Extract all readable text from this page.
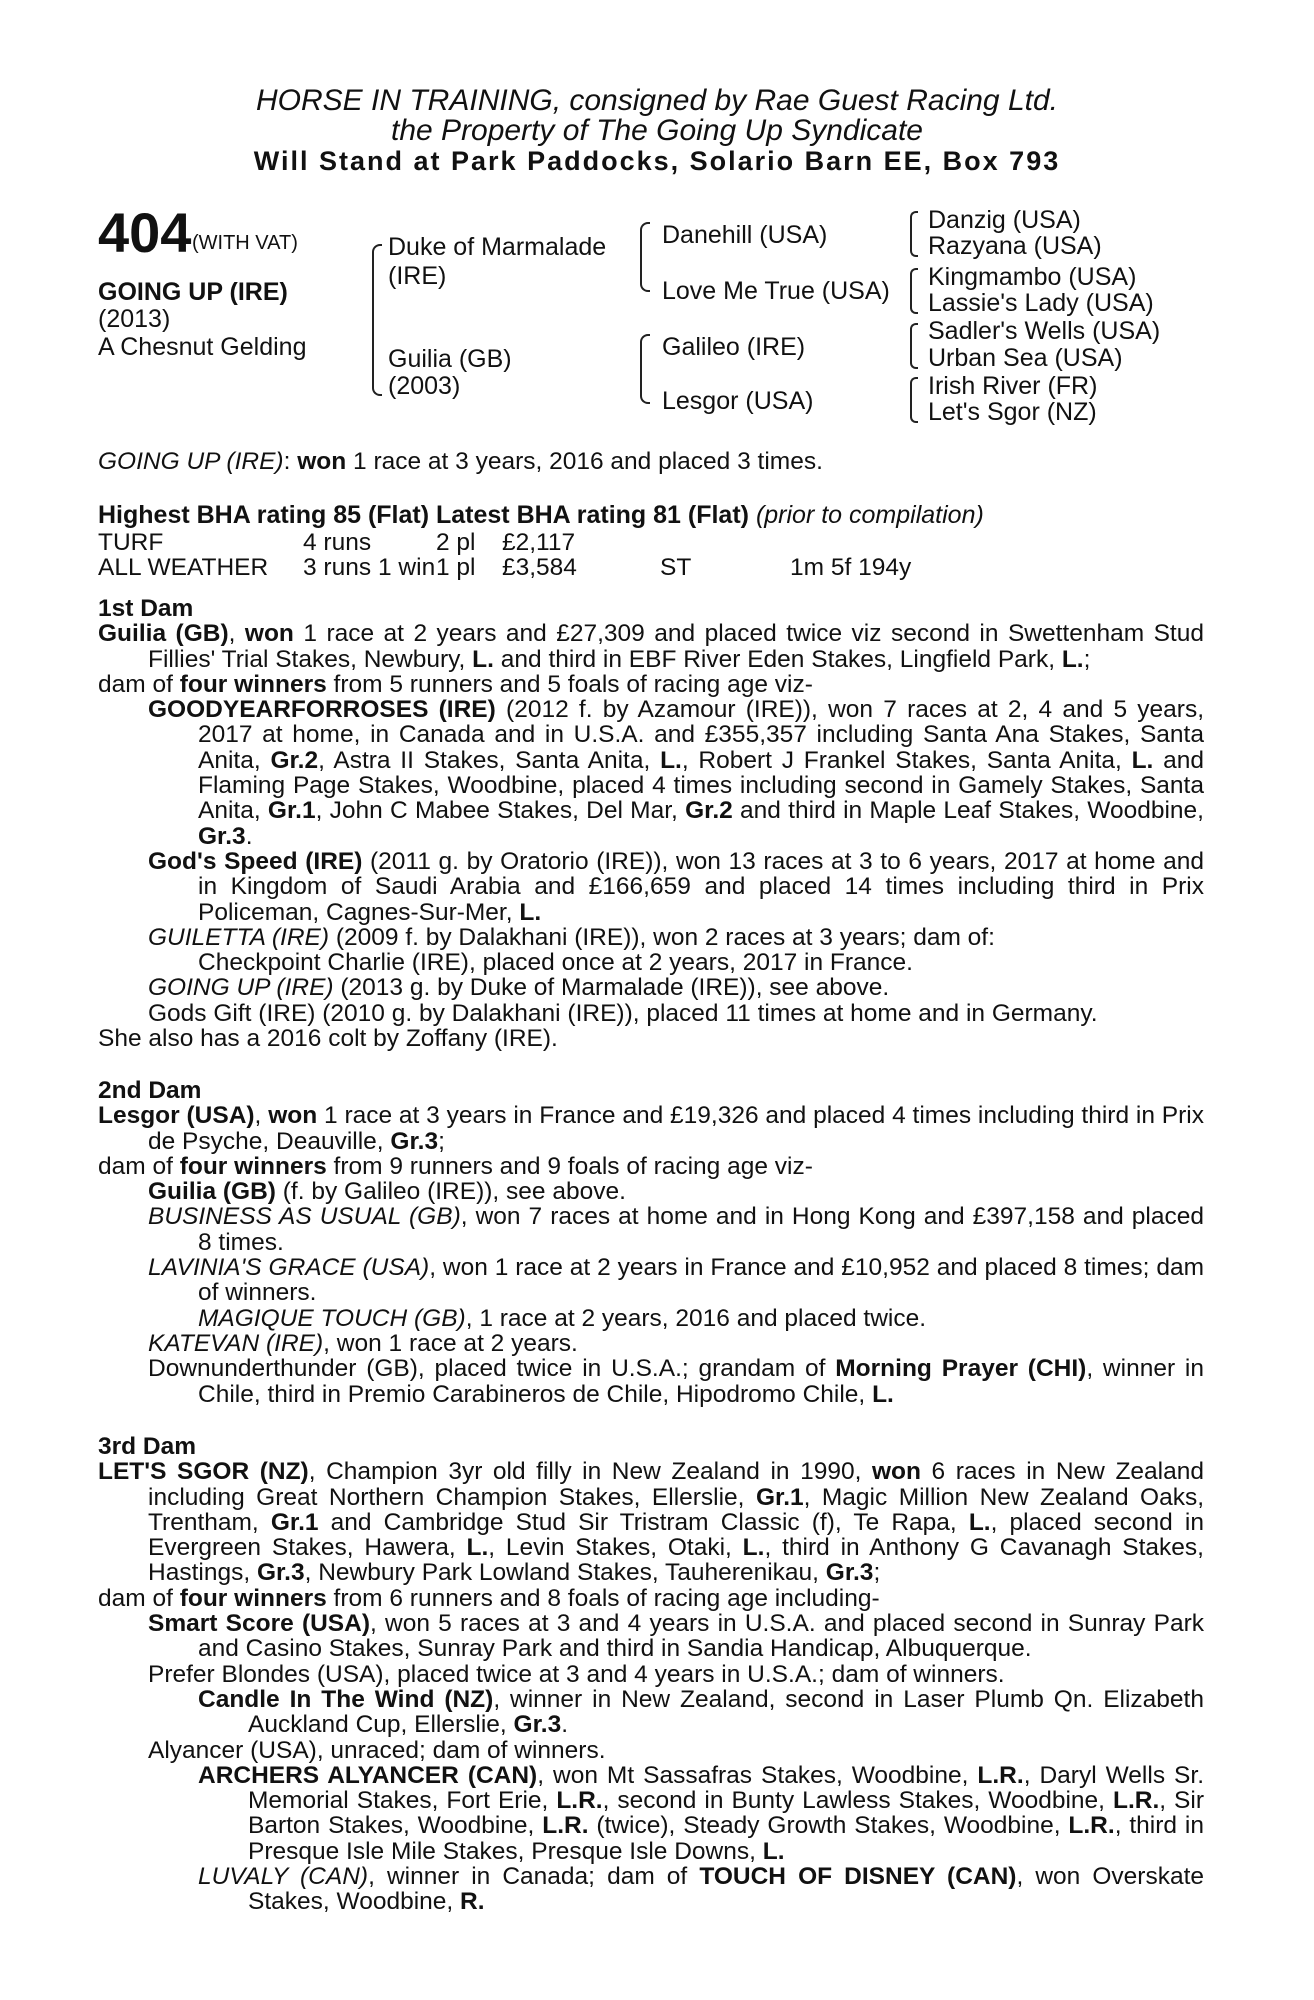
HORSE IN TRAINING, consigned by Rae Guest Racing Ltd.
the Property of The Going Up Syndicate
Will Stand at Park Paddocks, Solario Barn EE, Box 793
404 (WITH VAT)
GOING UP (IRE)
(2013)
A Chesnut Gelding
Duke of Marmalade
(IRE)
Guilia (GB)
(2003)
Danehill (USA)
Love Me True (USA)
Galileo (IRE)
Lesgor (USA)
Danzig (USA)
Razyana (USA)
Kingmambo (USA)
Lassie's Lady (USA)
Sadler's Wells (USA)
Urban Sea (USA)
Irish River (FR)
Let's Sgor (NZ)
GOING UP (IRE): won 1 race at 3 years, 2016 and placed 3 times.
Highest BHA rating 85 (Flat) Latest BHA rating 81 (Flat) (prior to compilation)
TURF	4 runs		2 pl	£2,117		
ALL WEATHER	3 runs	1 win	1 pl	£3,584	ST	1m 5f 194y

1st Dam

Guilia (GB), won 1 race at 2 years and £27,309 and placed twice viz second in Swettenham Stud Fillies' Trial Stakes, Newbury, L. and third in EBF River Eden Stakes, Lingfield Park, L.;

dam of four winners from 5 runners and 5 foals of racing age viz-

GOODYEARFORROSES (IRE) (2012 f. by Azamour (IRE)), won 7 races at 2, 4 and 5 years, 2017 at home, in Canada and in U.S.A. and £355,357 including Santa Ana Stakes, Santa Anita, Gr.2, Astra II Stakes, Santa Anita, L., Robert J Frankel Stakes, Santa Anita, L. and Flaming Page Stakes, Woodbine, placed 4 times including second in Gamely Stakes, Santa Anita, Gr.1, John C Mabee Stakes, Del Mar, Gr.2 and third in Maple Leaf Stakes, Woodbine, Gr.3.

God's Speed (IRE) (2011 g. by Oratorio (IRE)), won 13 races at 3 to 6 years, 2017 at home and in Kingdom of Saudi Arabia and £166,659 and placed 14 times including third in Prix Policeman, Cagnes-Sur-Mer, L.

GUILETTA (IRE) (2009 f. by Dalakhani (IRE)), won 2 races at 3 years; dam of:

Checkpoint Charlie (IRE), placed once at 2 years, 2017 in France.

GOING UP (IRE) (2013 g. by Duke of Marmalade (IRE)), see above.

Gods Gift (IRE) (2010 g. by Dalakhani (IRE)), placed 11 times at home and in Germany.

She also has a 2016 colt by Zoffany (IRE).

2nd Dam

Lesgor (USA), won 1 race at 3 years in France and £19,326 and placed 4 times including third in Prix de Psyche, Deauville, Gr.3;

dam of four winners from 9 runners and 9 foals of racing age viz-

Guilia (GB) (f. by Galileo (IRE)), see above.

BUSINESS AS USUAL (GB), won 7 races at home and in Hong Kong and £397,158 and placed 8 times.

LAVINIA'S GRACE (USA), won 1 race at 2 years in France and £10,952 and placed 8 times; dam of winners.

MAGIQUE TOUCH (GB), 1 race at 2 years, 2016 and placed twice.

KATEVAN (IRE), won 1 race at 2 years.

Downunderthunder (GB), placed twice in U.S.A.; grandam of Morning Prayer (CHI), winner in Chile, third in Premio Carabineros de Chile, Hipodromo Chile, L.

3rd Dam

LET'S SGOR (NZ), Champion 3yr old filly in New Zealand in 1990, won 6 races in New Zealand including Great Northern Champion Stakes, Ellerslie, Gr.1, Magic Million New Zealand Oaks, Trentham, Gr.1 and Cambridge Stud Sir Tristram Classic (f), Te Rapa, L., placed second in Evergreen Stakes, Hawera, L., Levin Stakes, Otaki, L., third in Anthony G Cavanagh Stakes, Hastings, Gr.3, Newbury Park Lowland Stakes, Tauherenikau, Gr.3;

dam of four winners from 6 runners and 8 foals of racing age including-

Smart Score (USA), won 5 races at 3 and 4 years in U.S.A. and placed second in Sunray Park and Casino Stakes, Sunray Park and third in Sandia Handicap, Albuquerque.

Prefer Blondes (USA), placed twice at 3 and 4 years in U.S.A.; dam of winners.

Candle In The Wind (NZ), winner in New Zealand, second in Laser Plumb Qn. Elizabeth Auckland Cup, Ellerslie, Gr.3.

Alyancer (USA), unraced; dam of winners.

ARCHERS ALYANCER (CAN), won Mt Sassafras Stakes, Woodbine, L.R., Daryl Wells Sr. Memorial Stakes, Fort Erie, L.R., second in Bunty Lawless Stakes, Woodbine, L.R., Sir Barton Stakes, Woodbine, L.R. (twice), Steady Growth Stakes, Woodbine, L.R., third in Presque Isle Mile Stakes, Presque Isle Downs, L.

LUVALY (CAN), winner in Canada; dam of TOUCH OF DISNEY (CAN), won Overskate Stakes, Woodbine, R.
